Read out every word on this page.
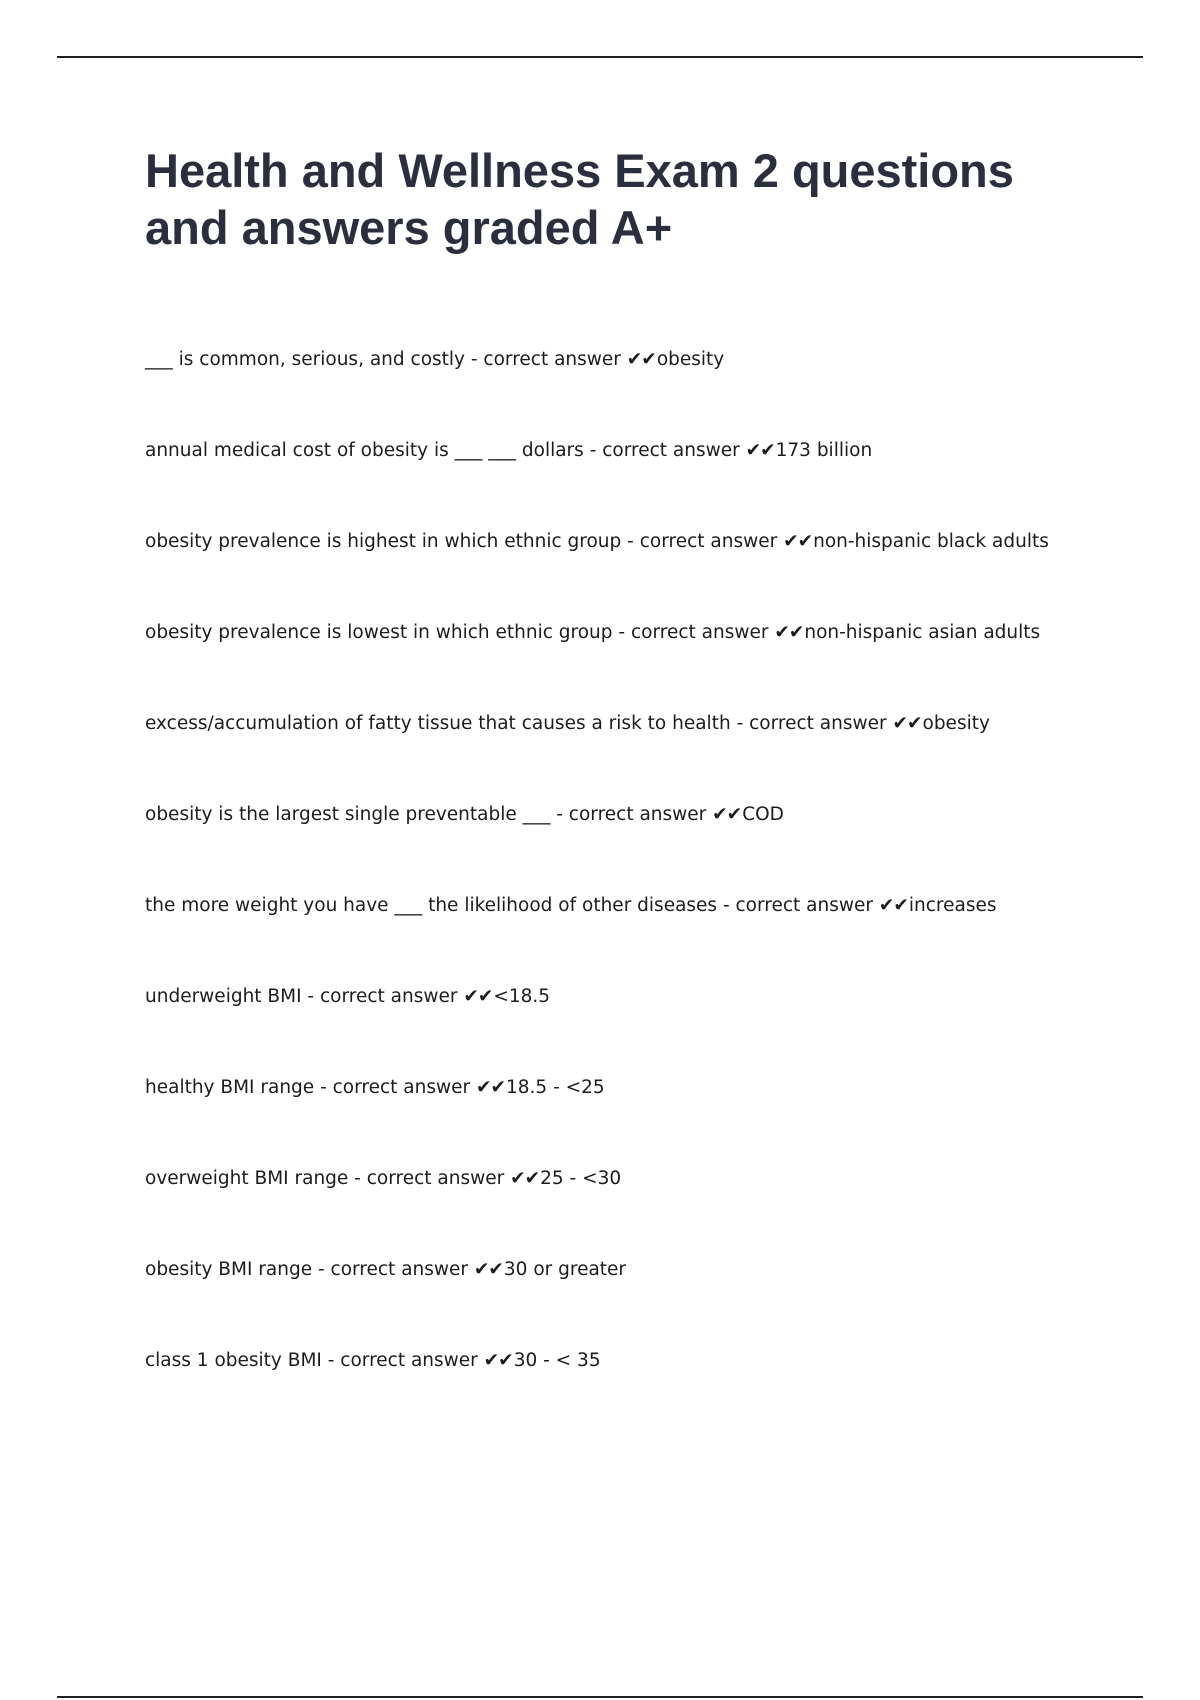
Health and Wellness Exam 2 questions and answers graded A+
___ is common, serious, and costly - correct answer ✔✔obesity
annual medical cost of obesity is ___ ___ dollars - correct answer ✔✔173 billion
obesity prevalence is highest in which ethnic group - correct answer ✔✔non-hispanic black adults
obesity prevalence is lowest in which ethnic group - correct answer ✔✔non-hispanic asian adults
excess/accumulation of fatty tissue that causes a risk to health - correct answer ✔✔obesity
obesity is the largest single preventable ___ - correct answer ✔✔COD
the more weight you have ___ the likelihood of other diseases - correct answer ✔✔increases
underweight BMI - correct answer ✔✔<18.5
healthy BMI range - correct answer ✔✔18.5 - <25
overweight BMI range - correct answer ✔✔25 - <30
obesity BMI range - correct answer ✔✔30 or greater
class 1 obesity BMI - correct answer ✔✔30 - < 35
